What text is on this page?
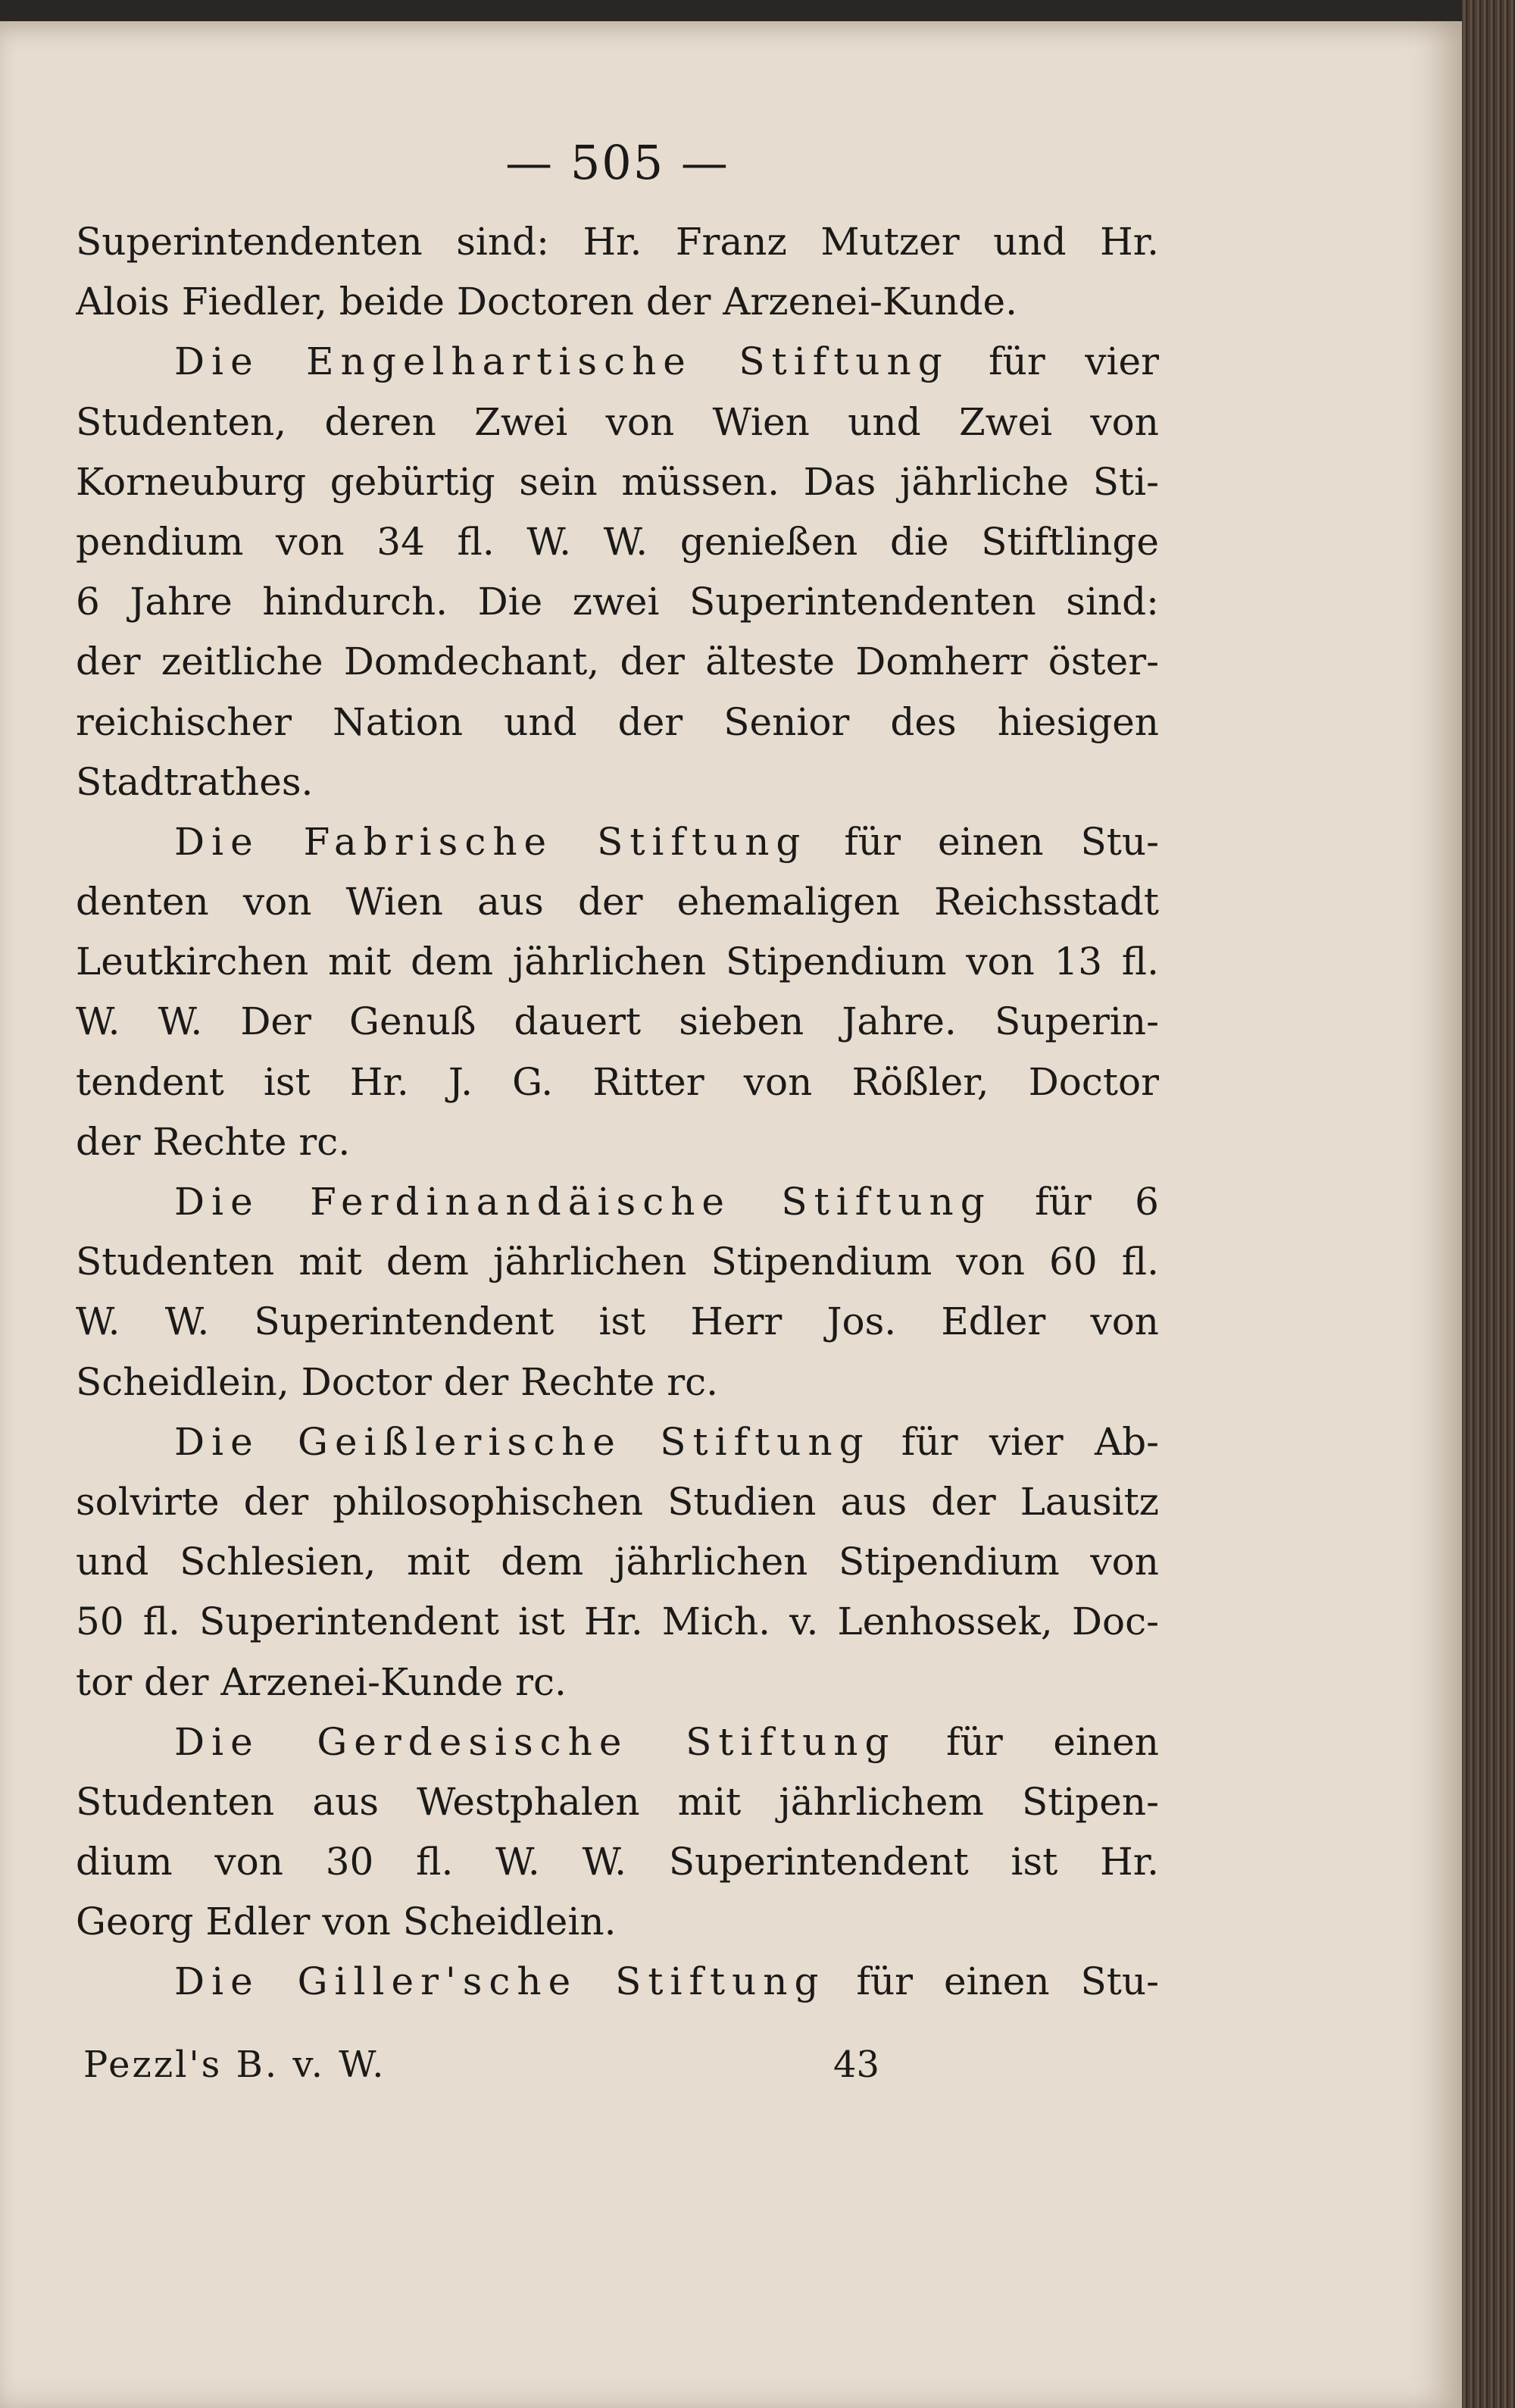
— 505 —
Superintendenten sind: Hr. Franz Mutzer und Hr.
Alois Fiedler, beide Doctoren der Arzenei-Kunde.
Die Engelhartische Stiftung für vier
Studenten, deren Zwei von Wien und Zwei von
Korneuburg gebürtig sein müssen. Das jährliche Sti-
pendium von 34 fl. W. W. genießen die Stiftlinge
6 Jahre hindurch. Die zwei Superintendenten sind:
der zeitliche Domdechant, der älteste Domherr öster-
reichischer Nation und der Senior des hiesigen
Stadtrathes.
Die Fabrische Stiftung für einen Stu-
denten von Wien aus der ehemaligen Reichsstadt
Leutkirchen mit dem jährlichen Stipendium von 13 fl.
W. W. Der Genuß dauert sieben Jahre. Superin-
tendent ist Hr. J. G. Ritter von Rößler, Doctor
der Rechte rc.
Die Ferdinandäische Stiftung für 6
Studenten mit dem jährlichen Stipendium von 60 fl.
W. W. Superintendent ist Herr Jos. Edler von
Scheidlein, Doctor der Rechte rc.
Die Geißlerische Stiftung für vier Ab-
solvirte der philosophischen Studien aus der Lausitz
und Schlesien, mit dem jährlichen Stipendium von
50 fl. Superintendent ist Hr. Mich. v. Lenhossek, Doc-
tor der Arzenei-Kunde rc.
Die Gerdesische Stiftung für einen
Studenten aus Westphalen mit jährlichem Stipen-
dium von 30 fl. W. W. Superintendent ist Hr.
Georg Edler von Scheidlein.
Die Giller'sche Stiftung für einen Stu-
Pezzl's B. v. W.	43
